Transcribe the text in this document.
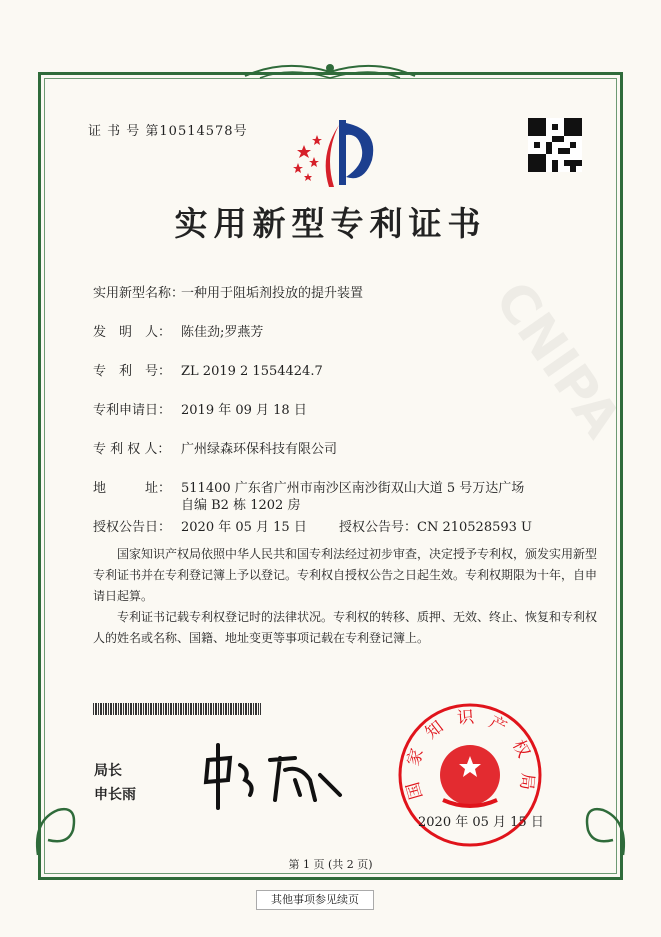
CNIPA
证 书 号 第10514578号
实用新型专利证书
实用新型名称：一种用于阻垢剂投放的提升装置
发　明　人： 陈佳劲;罗燕芳
专　利　号： ZL 2019 2 1554424.7
专利申请日： 2019 年 09 月 18 日
专 利 权 人： 广州绿森环保科技有限公司
地　　　址： 511400 广东省广州市南沙区南沙街双山大道 5 号万达广场
自编 B2 栋 1202 房
授权公告日： 2020 年 05 月 15 日 授权公告号：CN 210528593 U
国家知识产权局依照中华人民共和国专利法经过初步审查，决定授予专利权，颁发实用新型专利证书并在专利登记簿上予以登记。专利权自授权公告之日起生效。专利权期限为十年，自申请日起算。
专利证书记载专利权登记时的法律状况。专利权的转移、质押、无效、终止、恢复和专利权人的姓名或名称、国籍、地址变更等事项记载在专利登记簿上。
局长
申长雨	国家知识产权局
2020 年 05 月 15 日
第 1 页 (共 2 页)
其他事项参见续页
